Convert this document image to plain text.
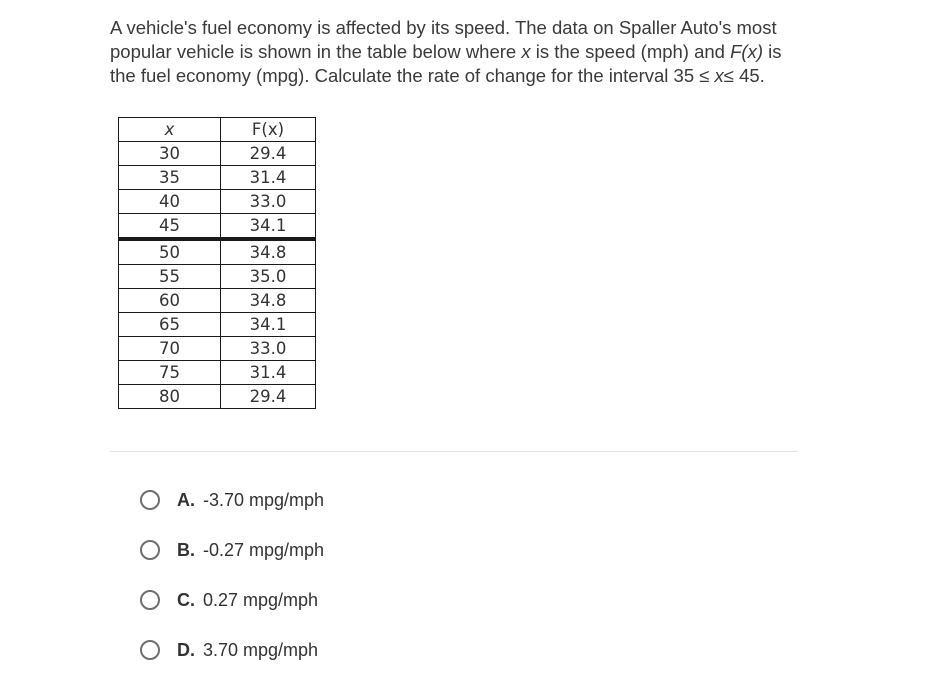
A vehicle's fuel economy is affected by its speed. The data on Spaller Auto's most popular vehicle is shown in the table below where x is the speed (mph) and F(x) is the fuel economy (mpg). Calculate the rate of change for the interval 35 ≤ x≤ 45.
x	F(x)
30	29.4
35	31.4
40	33.0
45	34.1
50	34.8
55	35.0
60	34.8
65	34.1
70	33.0
75	31.4
80	29.4
A. -3.70 mpg/mph
B. -0.27 mpg/mph
C. 0.27 mpg/mph
D. 3.70 mpg/mph
